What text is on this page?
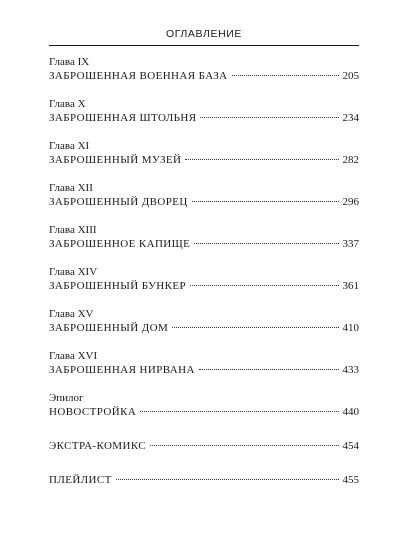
ОГЛАВЛЕНИЕ
Глава IX
ЗАБРОШЕННАЯ ВОЕННАЯ БАЗА	205
Глава X
ЗАБРОШЕННАЯ ШТОЛЬНЯ	234
Глава XI
ЗАБРОШЕННЫЙ МУЗЕЙ	282
Глава XII
ЗАБРОШЕННЫЙ ДВОРЕЦ	296
Глава XIII
ЗАБРОШЕННОЕ КАПИЩЕ	337
Глава XIV
ЗАБРОШЕННЫЙ БУНКЕР	361
Глава XV
ЗАБРОШЕННЫЙ ДОМ	410
Глава XVI
ЗАБРОШЕННАЯ НИРВАНА	433
Эпилог
НОВОСТРОЙКА	440
ЭКСТРА-КОМИКС	454
ПЛЕЙЛИСТ	455
